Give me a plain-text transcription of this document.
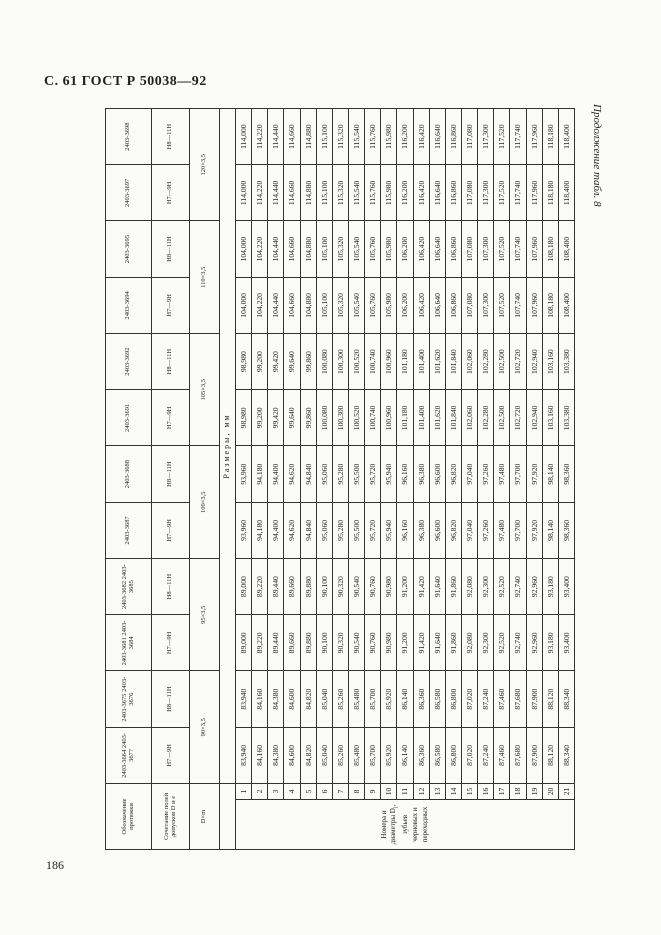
С. 61 ГОСТ Р 50038—92
Продолжение табл. 8
186
Обозначение протяжки		2403-3664 2403-3677	2403-3675 2403-3676	2403-3681 2403-3684	2403-3682 2403-3685	2403-3687	2403-3688	2403-3691	2403-3692	2403-3694	2403-3695	2403-3697	2403-3698
Сочетание полей допусков D и e		H7—9H	H8—11H	H7—9H	H8—11H	H7—9H	H8—11H	H7—9H	H8—11H	H7—9H	H8—11H	H7—9H	H8—11H
D×m		90×3,5		95×3,5		100×3,5		105×3,5		110×3,5		120×3,5	
		Размеры, мм											
Номера и диаметры $D_i$, зубьев черновых и переходных	1	83,940	83,940	89,000	89,000	93,960	93,960	98,980	98,980	104,000	104,000	114,000	114,000
	2	84,160	84,160	89,220	89,220	94,180	94,180	99,200	99,200	104,220	104,220	114,220	114,220
	3	84,380	84,380	89,440	89,440	94,400	94,400	99,420	99,420	104,440	104,440	114,440	114,440
	4	84,600	84,600	89,660	89,660	94,620	94,620	99,640	99,640	104,660	104,660	114,660	114,660
	5	84,820	84,820	89,880	89,880	94,840	94,840	99,860	99,860	104,880	104,880	114,880	114,880
	6	85,040	85,040	90,100	90,100	95,060	95,060	100,080	100,080	105,100	105,100	115,100	115,100
	7	85,260	85,260	90,320	90,320	95,280	95,280	100,300	100,300	105,320	105,320	115,320	115,320
	8	85,480	85,480	90,540	90,540	95,500	95,500	100,520	100,520	105,540	105,540	115,540	115,540
	9	85,700	85,700	90,760	90,760	95,720	95,720	100,740	100,740	105,760	105,760	115,760	115,760
	10	85,920	85,920	90,980	90,980	95,940	95,940	100,960	100,960	105,980	105,980	115,980	115,980
	11	86,140	86,140	91,200	91,200	96,160	96,160	101,180	101,180	106,200	106,200	116,200	116,200
	12	86,360	86,360	91,420	91,420	96,380	96,380	101,400	101,400	106,420	106,420	116,420	116,420
	13	86,580	86,580	91,640	91,640	96,600	96,600	101,620	101,620	106,640	106,640	116,640	116,640
	14	86,800	86,800	91,860	91,860	96,820	96,820	101,840	101,840	106,860	106,860	116,860	116,860
	15	87,020	87,020	92,080	92,080	97,040	97,040	102,060	102,060	107,080	107,080	117,080	117,080
	16	87,240	87,240	92,300	92,300	97,260	97,260	102,280	102,280	107,300	107,300	117,300	117,300
	17	87,460	87,460	92,520	92,520	97,480	97,480	102,500	102,500	107,520	107,520	117,520	117,520
	18	87,680	87,680	92,740	92,740	97,700	97,700	102,720	102,720	107,740	107,740	117,740	117,740
	19	87,900	87,900	92,960	92,960	97,920	97,920	102,940	102,940	107,960	107,960	117,960	117,960
	20	88,120	88,120	93,180	93,180	98,140	98,140	103,160	103,160	108,180	108,180	118,180	118,180
	21	88,340	88,340	93,400	93,400	98,360	98,360	103,380	103,380	108,400	108,400	118,400	118,400
